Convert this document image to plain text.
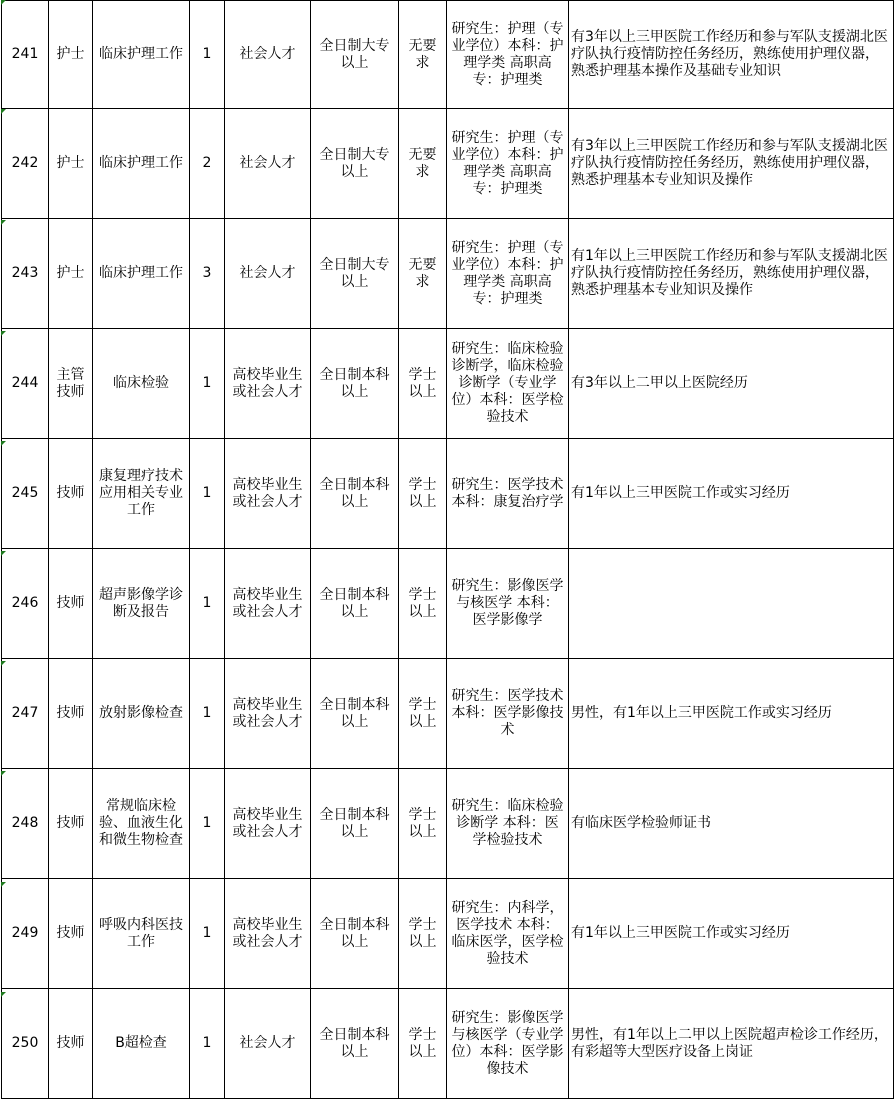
241	护士	临床护理工作	1	社会人才	全日制大专以上	无要求	研究生：护理（专业学位）本科：护理学类 高职高专：护理类	有3年以上三甲医院工作经历和参与军队支援湖北医疗队执行疫情防控任务经历，熟练使用护理仪器，熟悉护理基本操作及基础专业知识
242	护士	临床护理工作	2	社会人才	全日制大专以上	无要求	研究生：护理（专业学位）本科：护理学类 高职高专：护理类	有3年以上三甲医院工作经历和参与军队支援湖北医疗队执行疫情防控任务经历，熟练使用护理仪器，熟悉护理基本专业知识及操作
243	护士	临床护理工作	3	社会人才	全日制大专以上	无要求	研究生：护理（专业学位）本科：护理学类 高职高专：护理类	有1年以上三甲医院工作经历和参与军队支援湖北医疗队执行疫情防控任务经历，熟练使用护理仪器，熟悉护理基本专业知识及操作
244	主管技师	临床检验	1	高校毕业生或社会人才	全日制本科以上	学士以上	研究生：临床检验诊断学，临床检验诊断学（专业学位）本科：医学检验技术	有3年以上二甲以上医院经历
245	技师	康复理疗技术应用相关专业工作	1	高校毕业生或社会人才	全日制本科以上	学士以上	研究生：医学技术 本科：康复治疗学	有1年以上三甲医院工作或实习经历
246	技师	超声影像学诊断及报告	1	高校毕业生或社会人才	全日制本科以上	学士以上	研究生：影像医学与核医学 本科：医学影像学	
247	技师	放射影像检查	1	高校毕业生或社会人才	全日制本科以上	学士以上	研究生：医学技术 本科：医学影像技术	男性，有1年以上三甲医院工作或实习经历
248	技师	常规临床检验、血液生化和微生物检查	1	高校毕业生或社会人才	全日制本科以上	学士以上	研究生：临床检验诊断学 本科：医学检验技术	有临床医学检验师证书
249	技师	呼吸内科医技工作	1	高校毕业生或社会人才	全日制本科以上	学士以上	研究生：内科学，医学技术 本科：临床医学，医学检验技术	有1年以上三甲医院工作或实习经历
250	技师	B超检查	1	社会人才	全日制本科以上	学士以上	研究生：影像医学与核医学（专业学位）本科：医学影像技术	男性，有1年以上二甲以上医院超声检诊工作经历，有彩超等大型医疗设备上岗证
